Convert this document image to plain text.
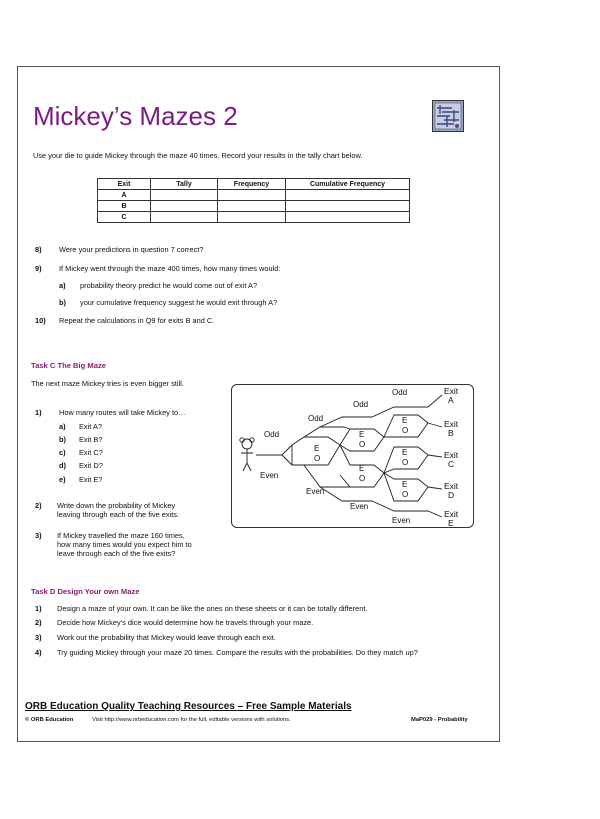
Mickey’s Mazes 2
Use your die to guide Mickey through the maze 40 times. Record your results in the tally chart below.
Exit	Tally	Frequency	Cumulative Frequency
A			
B			
C			
8) Were your predictions in question 7 correct?
9) If Mickey went through the maze 400 times, how many times would:
a) probability theory predict he would come out of exit A?
b) your cumulative frequency suggest he would exit through A?
10) Repeat the calculations in Q9 for exits B and C.
Task C The Big Maze
The next maze Mickey tries is even bigger still.
1) How many routes will take Mickey to…
a) Exit A?
b) Exit B?
c) Exit C?
d) Exit D?
e) Exit E?
2) Write down the probability of Mickey
leaving through each of the five exits.
3) If Mickey travelled the maze 160 times,
how many times would you expect him to
leave through each of the five exits?
Odd
Odd
Odd
Odd
Even
Even
Even
Even
E
O
E
O
E
O
E
O
E
O
E
O
Exit
A
Exit
B
Exit
C
Exit
D
Exit
E
Task D Design Your own Maze
1) Design a maze of your own. It can be like the ones on these sheets or it can be totally different.
2) Decide how Mickey’s dice would determine how he travels through your maze.
3) Work out the probability that Mickey would leave through each exit.
4) Try guiding Mickey through your maze 20 times. Compare the results with the probabilities. Do they match up?
ORB Education Quality Teaching Resources – Free Sample Materials
© ORB Education	Visit http://www.orbeducation.com for the full, editable versions with solutions.	MaP029 - Probability
